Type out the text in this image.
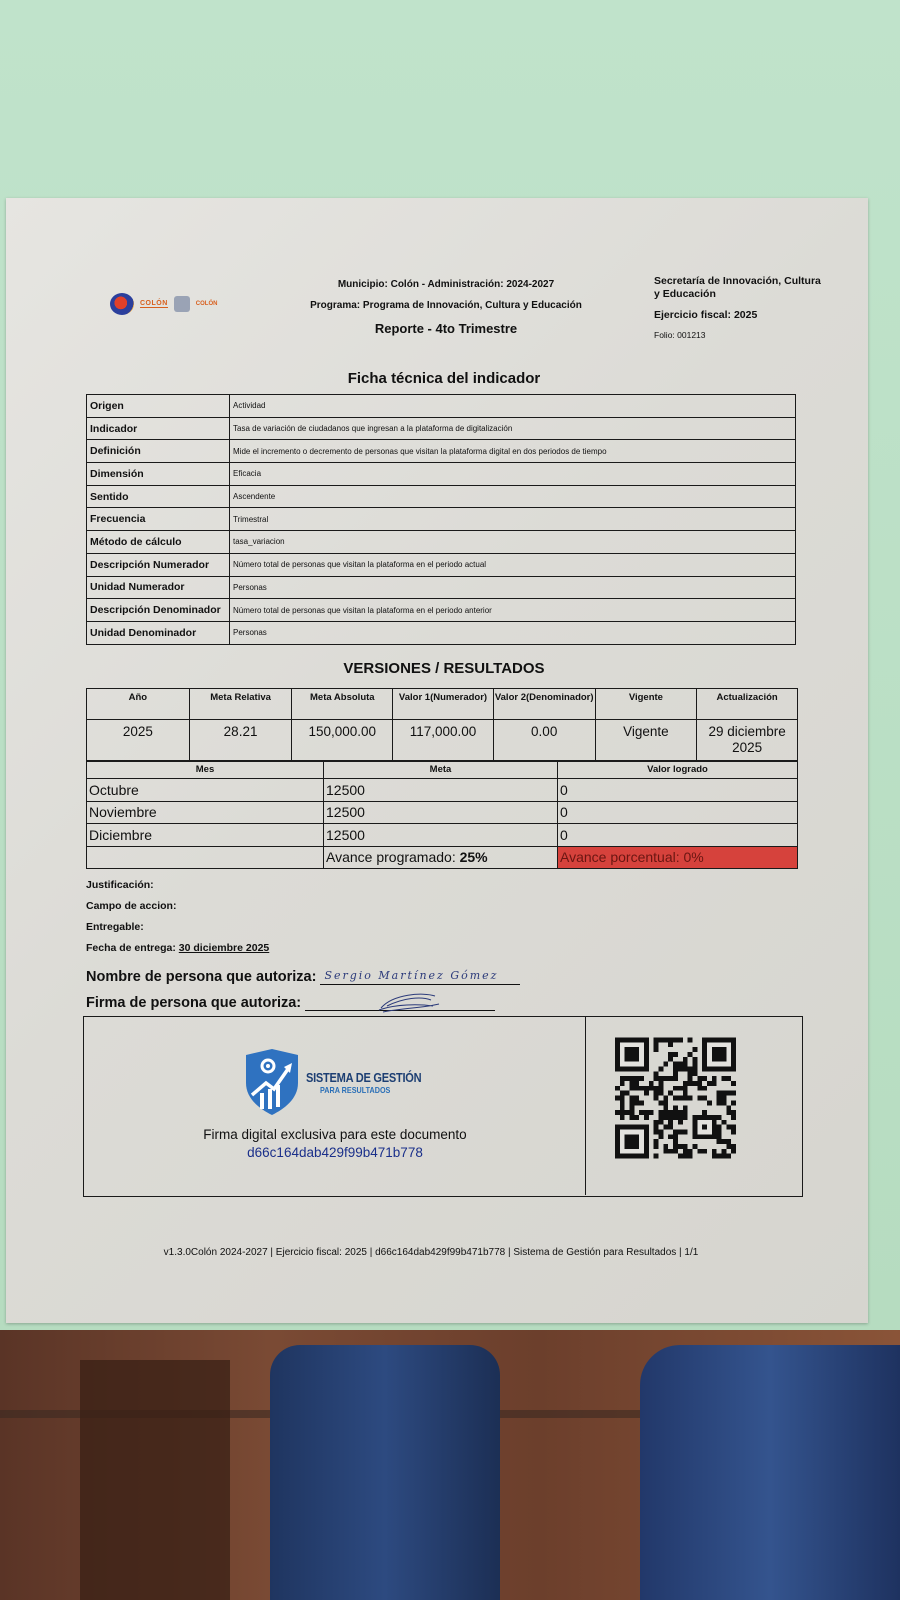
COLÓN	COLÓN
Municipio: Colón - Administración: 2024-2027
Programa: Programa de Innovación, Cultura y Educación
Reporte - 4to Trimestre
Secretaría de Innovación, Cultura y Educación
Ejercicio fiscal: 2025
Folio: 001213
Ficha técnica del indicador
Origen	Actividad
Indicador	Tasa de variación de ciudadanos que ingresan a la plataforma de digitalización
Definición	Mide el incremento o decremento de personas que visitan la plataforma digital en dos periodos de tiempo
Dimensión	Eficacia
Sentido	Ascendente
Frecuencia	Trimestral
Método de cálculo	tasa_variacion
Descripción Numerador	Número total de personas que visitan la plataforma en el periodo actual
Unidad Numerador	Personas
Descripción Denominador	Número total de personas que visitan la plataforma en el periodo anterior
Unidad Denominador	Personas
VERSIONES / RESULTADOS
Año	Meta Relativa	Meta Absoluta	Valor 1(Numerador)	Valor 2(Denominador)	Vigente	Actualización
2025	28.21	150,000.00	117,000.00	0.00	Vigente	29 diciembre 2025
Mes	Meta	Valor logrado
Octubre	12500	0
Noviembre	12500	0
Diciembre	12500	0
	Avance programado: 25%	Avance porcentual: 0%
Justificación:
Campo de accion:
Entregable:
Fecha de entrega: 30 diciembre 2025
Nombre de persona que autoriza: Sergio Martínez Gómez
Firma de persona que autoriza:
SISTEMA DE GESTIÓN
PARA RESULTADOS
Firma digital exclusiva para este documento
d66c164dab429f99b471b778
v1.3.0Colón 2024-2027 | Ejercicio fiscal: 2025 | d66c164dab429f99b471b778 | Sistema de Gestión para Resultados | 1/1
